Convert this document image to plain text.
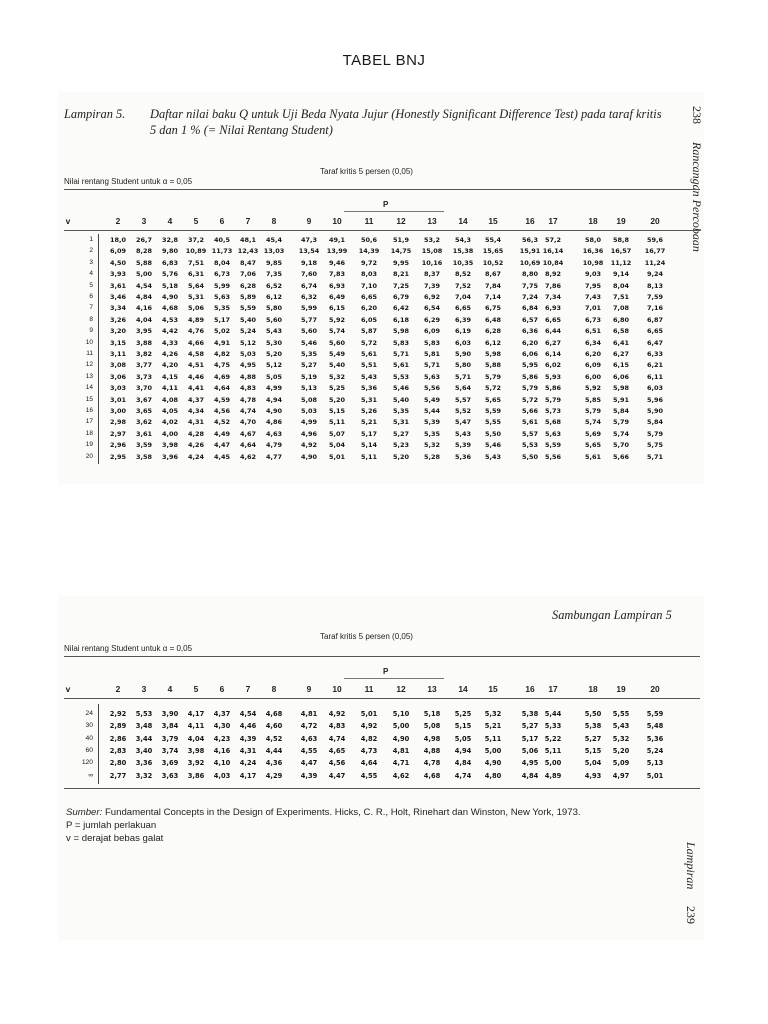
TABEL BNJ
Lampiran 5. Daftar nilai baku Q untuk Uji Beda Nyata Jujur (Honestly Significant Difference Test) pada taraf kritis 5 dan 1 % (= Nilai Rentang Student)
238
Rancangan Percobaan
Taraf kritis 5 persen (0,05)
Nilai rentang Student untuk α = 0,05
P
v	2	3	4	5	6	7	8	9	10	11	12	13	14	15	16	17	18	19	20
1	18,0	26,7	32,8	37,2	40,5	48,1	45,4	47,3	49,1	50,6	51,9	53,2	54,3	55,4	56,3	57,2	58,0	58,8	59,6
2	6,09	8,28	9,80	10,89 11,73 12,43 13,03	13,54	13,99	14,39	14,75	15,08	15,38	15,65	15,91 16,14	16,36	16,57	16,77
3	4,50	5,88	6,83	7,51	8,04	8,47	9,85	9,18	9,46	9,72	9,95	10,16	10,35	10,52	10,69 10,84	10,98	11,12	11,24
4	3,93	5,00	5,76	6,31	6,73	7,06	7,35	7,60	7,83	8,03	8,21	8,37	8,52	8,67	8,80	8,92	9,03	9,14	9,24
5	3,61	4,54	5,18	5,64	5,99	6,28	6,52	6,74	6,93	7,10	7,25	7,39	7,52	7,84	7,75	7,86	7,95	8,04	8,13
6	3,46	4,84	4,90	5,31	5,63	5,89	6,12	6,32	6,49	6,65	6,79	6,92	7,04	7,14	7,24	7,34	7,43	7,51	7,59
7	3,34	4,16	4,68	5,06	5,35	5,59	5,80	5,99	6,15	6,20	6,42	6,54	6,65	6,75	6,84	6,93	7,01	7,08	7,16
8	3,26	4,04	4,53	4,89	5,17	5,40	5,60	5,77	5,92	6,05	6,18	6,29	6,39	6,48	6,57	6,65	6,73	6,80	6,87
9	3,20	3,95	4,42	4,76	5,02	5,24	5,43	5,60	5,74	5,87	5,98	6,09	6,19	6,28	6,36	6,44	6,51	6,58	6,65
10	3,15	3,88	4,33	4,66	4,91	5,12	5,30	5,46	5,60	5,72	5,83	5,83	6,03	6,12	6,20	6,27	6,34	6,41	6,47
11	3,11	3,82	4,26	4,58	4,82	5,03	5,20	5,35	5,49	5,61	5,71	5,81	5,90	5,98	6,06	6,14	6,20	6,27	6,33
12	3,08	3,77	4,20	4,51	4,75	4,95	5,12	5,27	5,40	5,51	5,61	5,71	5,80	5,88	5,95	6,02	6,09	6,15	6,21
13	3,06	3,73	4,15	4,46	4,69	4,88	5,05	5,19	5,32	5,43	5,53	5,63	5,71	5,79	5,86	5,93	6,00	6,06	6,11
14	3,03	3,70	4,11	4,41	4,64	4,83	4,99	5,13	5,25	5,36	5,46	5,56	5,64	5,72	5,79	5,86	5,92	5,98	6,03
15	3,01	3,67	4,08	4,37	4,59	4,78	4,94	5,08	5,20	5,31	5,40	5,49	5,57	5,65	5,72	5,79	5,85	5,91	5,96
16	3,00	3,65	4,05	4,34	4,56	4,74	4,90	5,03	5,15	5,26	5,35	5,44	5,52	5,59	5,66	5,73	5,79	5,84	5,90
17	2,98	3,62	4,02	4,31	4,52	4,70	4,86	4,99	5,11	5,21	5,31	5,39	5,47	5,55	5,61	5,68	5,74	5,79	5,84
18	2,97	3,61	4,00	4,28	4,49	4,67	4,63	4,96	5,07	5,17	5,27	5,35	5,43	5,50	5,57	5,63	5,69	5,74	5,79
19	2,96	3,59	3,98	4,26	4,47	4,64	4,79	4,92	5,04	5,14	5,23	5,32	5,39	5,46	5,53	5,59	5,65	5,70	5,75
20	2,95	3,58	3,96	4,24	4,45	4,62	4,77	4,90	5,01	5,11	5,20	5,28	5,36	5,43	5,50	5,56	5,61	5,66	5,71
Sambungan Lampiran 5
Taraf kritis 5 persen (0,05)
Nilai rentang Student untuk α = 0,05
P
v	2	3	4	5	6	7	8	9	10	11	12	13	14	15	16	17	18	19	20
24	2,92	5,53	3,90	4,17	4,37	4,54	4,68	4,81	4,92	5,01	5,10	5,18	5,25	5,32	5,38 5,44	5,50	5,55	5,59
30	2,89	3,48	3,84	4,11	4,30	4,46	4,60	4,72	4,83	4,92	5,00	5,08	5,15	5,21	5,27 5,33	5,38	5,43	5,48
40	2,86	3,44	3,79	4,04	4,23	4,39	4,52	4,63	4,74	4,82	4,90	4,98	5,05	5,11	5,17 5,22	5,27	5,32	5,36
60	2,83	3,40	3,74	3,98	4,16	4,31	4,44	4,55	4,65	4,73	4,81	4,88	4,94	5,00	5,06 5,11	5,15	5,20	5,24
120	2,80	3,36	3,69	3,92	4,10	4,24	4,36	4,47	4,56	4,64	4,71	4,78	4,84	4,90	4,95 5,00	5,04	5,09	5,13
∞	2,77	3,32	3,63	3,86	4,03	4,17	4,29	4,39	4,47	4,55	4,62	4,68	4,74	4,80	4,84 4,89	4,93	4,97	5,01
Sumber: Fundamental Concepts in the Design of Experiments. Hicks, C. R., Holt, Rinehart dan Winston, New York, 1973.
P = jumlah perlakuan
v = derajat bebas galat
Lampiran
239
